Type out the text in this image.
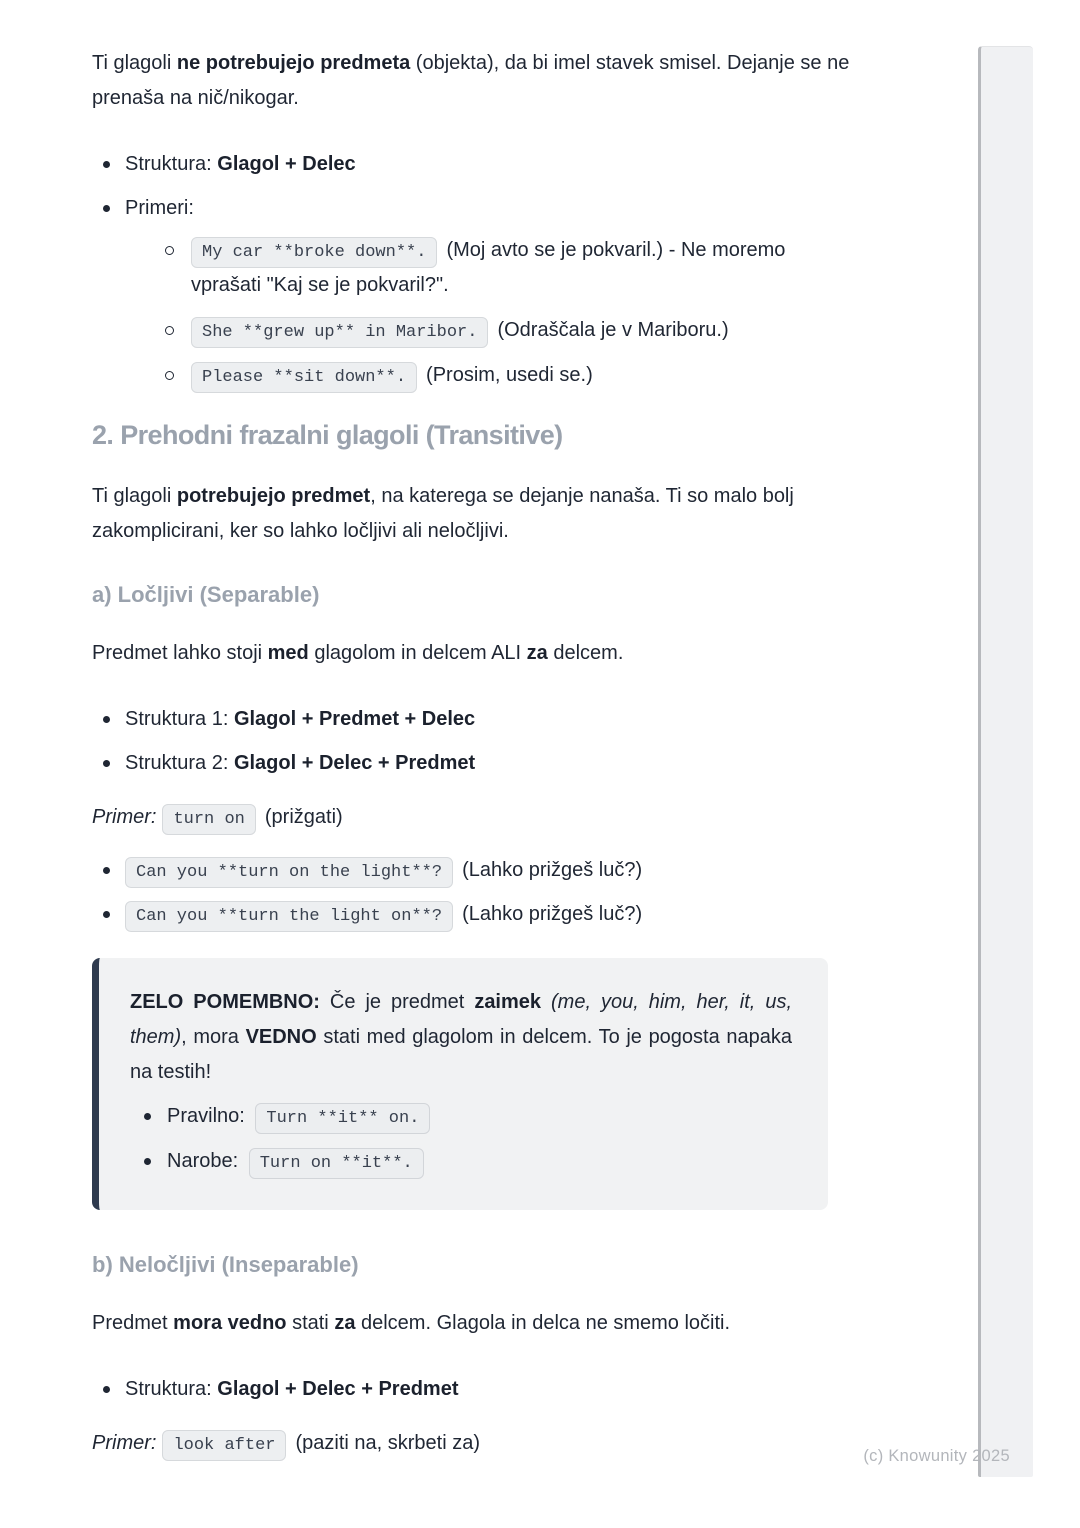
Ti glagoli ne potrebujejo predmeta (objekta), da bi imel stavek smisel. Dejanje se ne prenaša na nič/nikogar.

Struktura: Glagol + Delec
Primeri:
My car **broke down**. (Moj avto se je pokvaril.) - Ne moremo vprašati "Kaj se je pokvaril?".
She **grew up** in Maribor. (Odraščala je v Mariboru.)
Please **sit down**. (Prosim, usedi se.)
2. Prehodni frazalni glagoli (Transitive)

Ti glagoli potrebujejo predmet, na katerega se dejanje nanaša. Ti so malo bolj zakomplicirani, ker so lahko ločljivi ali neločljivi.

a) Ločljivi (Separable)

Predmet lahko stoji med glagolom in delcem ALI za delcem.

Struktura 1: Glagol + Predmet + Delec
Struktura 2: Glagol + Delec + Predmet

Primer: turn on (prižgati)

Can you **turn on the light**? (Lahko prižgeš luč?)
Can you **turn the light on**? (Lahko prižgeš luč?)

ZELO POMEMBNO: Če je predmet zaimek (me, you, him, her, it, us, them), mora VEDNO stati med glagolom in delcem. To je pogosta napaka na testih!

Pravilno: Turn **it** on.
Narobe: Turn on **it**.
b) Neločljivi (Inseparable)

Predmet mora vedno stati za delcem. Glagola in delca ne smemo ločiti.

Struktura: Glagol + Delec + Predmet

Primer: look after (paziti na, skrbeti za)

(c) Knowunity 2025
